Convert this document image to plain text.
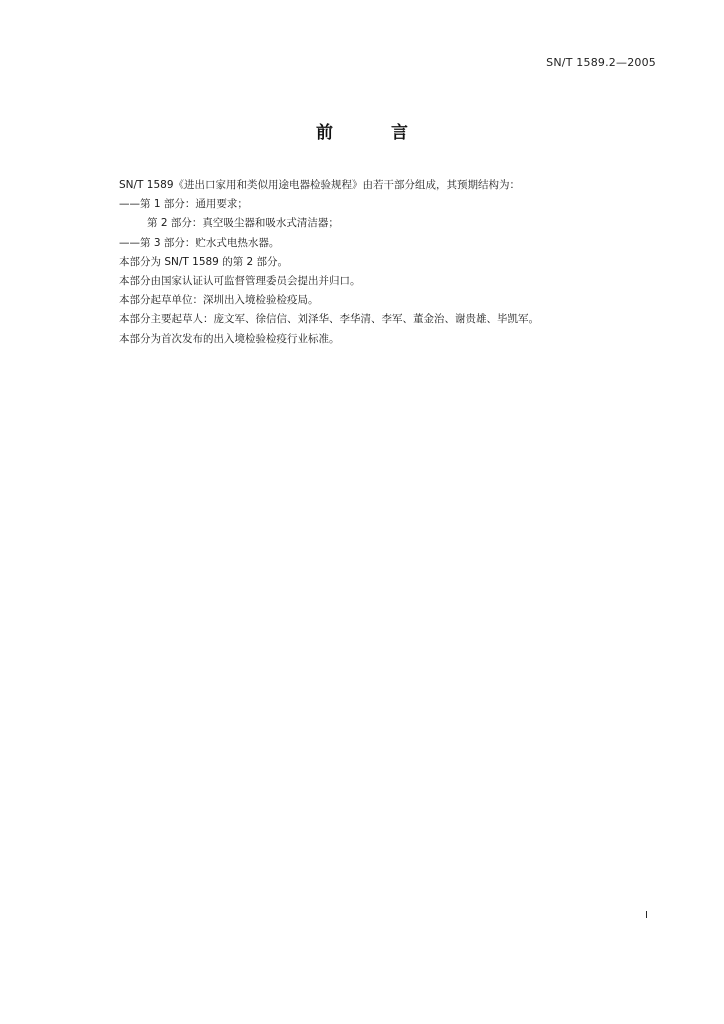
SN/T 1589.2—2005
前 言
SN/T 1589《进出口家用和类似用途电器检验规程》由若干部分组成，其预期结构为：
——第 1 部分：通用要求；
第 2 部分：真空吸尘器和吸水式清洁器；
——第 3 部分：贮水式电热水器。
本部分为 SN/T 1589 的第 2 部分。
本部分由国家认证认可监督管理委员会提出并归口。
本部分起草单位：深圳出入境检验检疫局。
本部分主要起草人：庞文军、徐信信、刘泽华、李华清、李军、董金治、谢贵雄、毕凯军。
本部分为首次发布的出入境检验检疫行业标准。
I
